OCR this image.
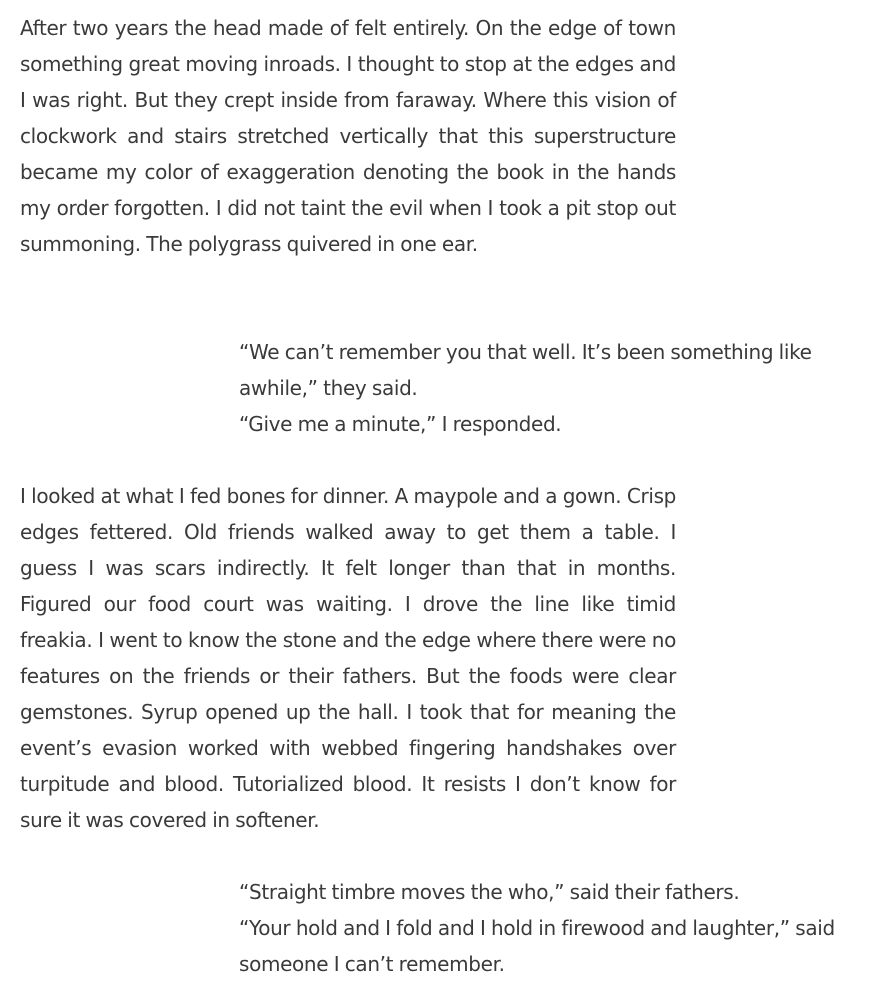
After two years the head made of felt entirely. On the edge of town something great moving inroads. I thought to stop at the edges and I was right. But they crept inside from faraway. Where this vision of clockwork and stairs stretched vertically that this superstructure became my color of exaggeration denoting the book in the hands my order forgotten. I did not taint the evil when I took a pit stop out summoning. The polygrass quivered in one ear.

“We can’t remember you that well. It’s been something like awhile,” they said.
“Give me a minute,” I responded.

I looked at what I fed bones for dinner. A maypole and a gown. Crisp edges fettered. Old friends walked away to get them a table. I guess I was scars indirectly. It felt longer than that in months. Figured our food court was waiting. I drove the line like timid freakia. I went to know the stone and the edge where there were no features on the friends or their fathers. But the foods were clear gemstones. Syrup opened up the hall. I took that for meaning the event’s evasion worked with webbed fingering handshakes over turpitude and blood. Tutorialized blood. It resists I don’t know for sure it was covered in softener.

“Straight timbre moves the who,” said their fathers.
“Your hold and I fold and I hold in firewood and laughter,” said someone I can’t remember.
